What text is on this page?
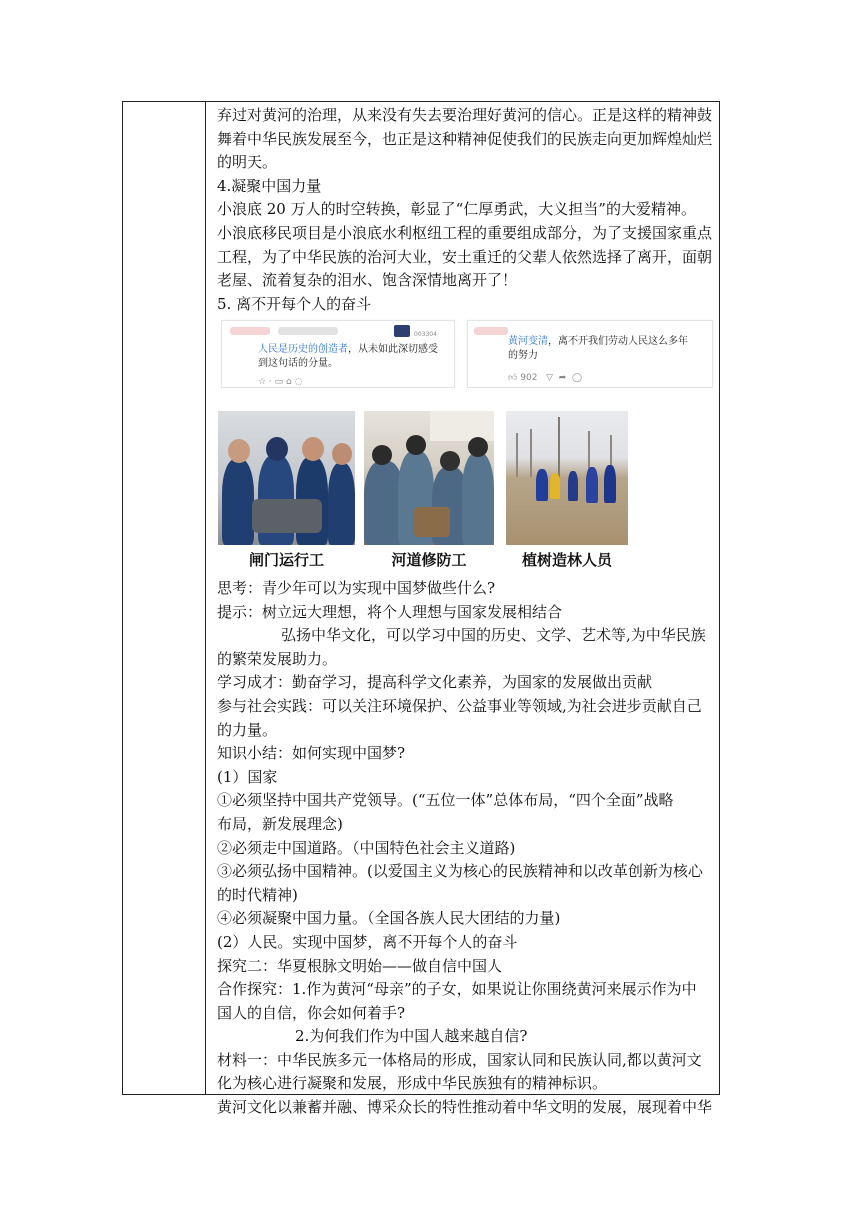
弃过对黄河的治理，从来没有失去要治理好黄河的信心。正是这样的精神鼓
舞着中华民族发展至今，也正是这种精神促使我们的民族走向更加辉煌灿烂
的明天。
4.凝聚中国力量
小浪底 20 万人的时空转换，彰显了“仁厚勇武，大义担当”的大爱精神。
小浪底移民项目是小浪底水利枢纽工程的重要组成部分，为了支援国家重点
工程，为了中华民族的治河大业，安土重迁的父辈人依然选择了离开，面朝
老屋、流着复杂的泪水、饱含深情地离开了！
5. 离不开每个人的奋斗
003304
人民是历史的创造者，从未如此深切感受
到这句话的分量。
☆ · ▭ ⌂ ◌
黄河变清，离不开我们劳动人民这么多年
的努力
👍︎ 902   ▽  ➦  ◯
闸门运行工	河道修防工	植树造林人员
思考：青少年可以为实现中国梦做些什么?
提示：树立远大理想，将个人理想与国家发展相结合
弘扬中华文化，可以学习中国的历史、文学、艺术等,为中华民族
的繁荣发展助力。
学习成才：勤奋学习，提高科学文化素养，为国家的发展做出贡献
参与社会实践：可以关注环境保护、公益事业等领域,为社会进步贡献自己
的力量。
知识小结：如何实现中国梦?
(1）国家
①必须坚持中国共产党领导。(“五位一体”总体布局，“四个全面”战略
布局，新发展理念)
②必须走中国道路。（中国特色社会主义道路)
③必须弘扬中国精神。(以爱国主义为核心的民族精神和以改革创新为核心
的时代精神)
④必须凝聚中国力量。（全国各族人民大团结的力量)
(2）人民。实现中国梦，离不开每个人的奋斗
探究二：华夏根脉文明始——做自信中国人
合作探究：1.作为黄河“母亲”的子女，如果说让你围绕黄河来展示作为中
国人的自信，你会如何着手?
2.为何我们作为中国人越来越自信?
材料一：中华民族多元一体格局的形成，国家认同和民族认同,都以黄河文
化为核心进行凝聚和发展，形成中华民族独有的精神标识。
黄河文化以兼蓄并融、博采众长的特性推动着中华文明的发展，展现着中华
